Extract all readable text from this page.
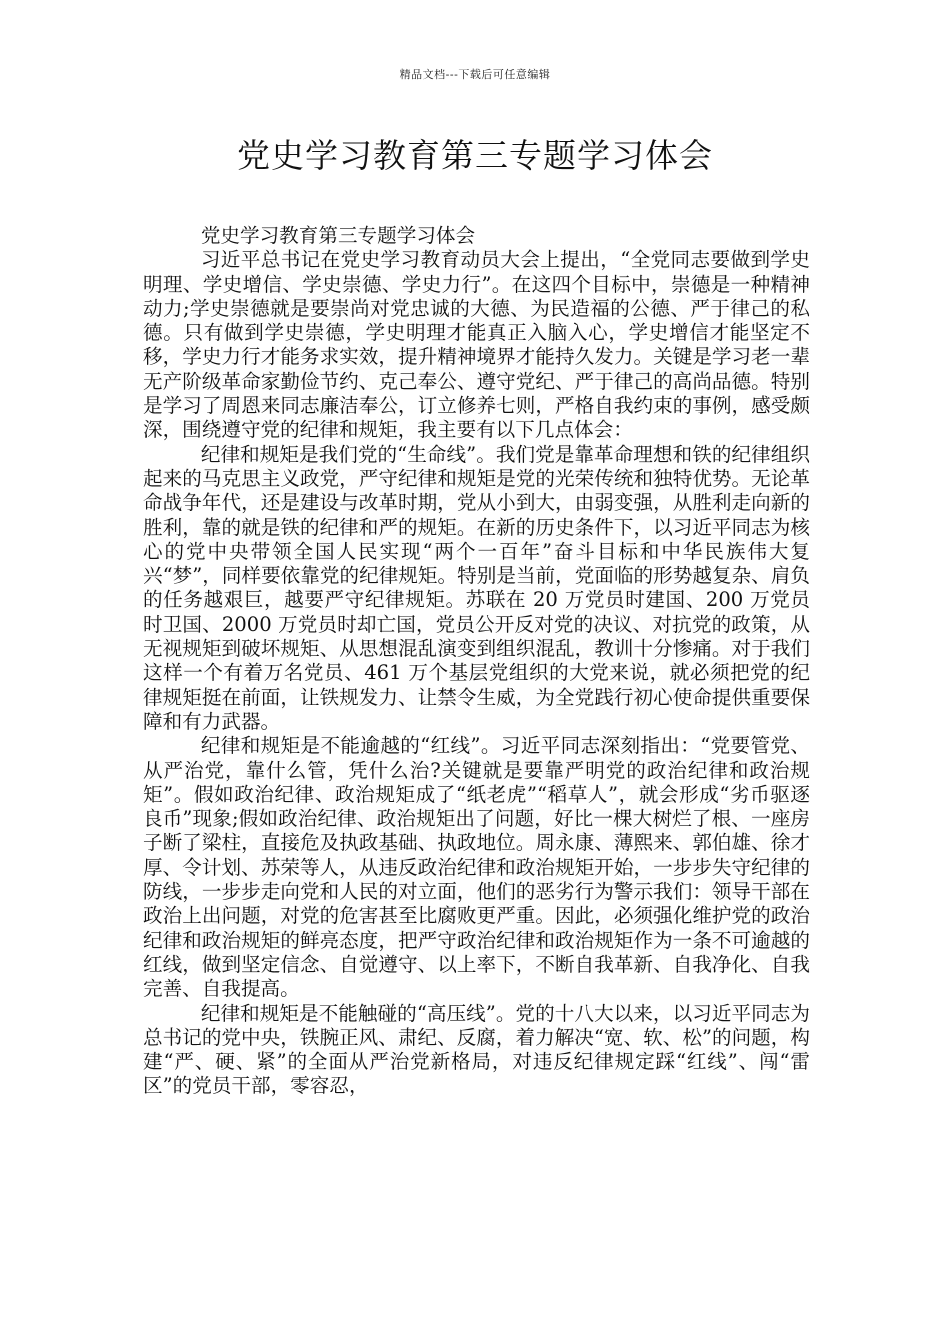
精品文档---下载后可任意编辑
党史学习教育第三专题学习体会

党史学习教育第三专题学习体会

习近平总书记在党史学习教育动员大会上提出，“全党同志要做到学史明理、学史增信、学史崇德、学史力行”。在这四个目标中，崇德是一种精神动力;学史崇德就是要崇尚对党忠诚的大德、为民造福的公德、严于律己的私德。只有做到学史崇德，学史明理才能真正入脑入心，学史增信才能坚定不移，学史力行才能务求实效，提升精神境界才能持久发力。关键是学习老一辈无产阶级革命家勤俭节约、克己奉公、遵守党纪、严于律己的高尚品德。特别是学习了周恩来同志廉洁奉公，订立修养七则，严格自我约束的事例，感受颇深，围绕遵守党的纪律和规矩，我主要有以下几点体会：

纪律和规矩是我们党的“生命线”。我们党是靠革命理想和铁的纪律组织起来的马克思主义政党，严守纪律和规矩是党的光荣传统和独特优势。无论革命战争年代，还是建设与改革时期，党从小到大，由弱变强，从胜利走向新的胜利，靠的就是铁的纪律和严的规矩。在新的历史条件下，以习近平同志为核心的党中央带领全国人民实现“两个一百年”奋斗目标和中华民族伟大复兴“梦”，同样要依靠党的纪律规矩。特别是当前，党面临的形势越复杂、肩负的任务越艰巨，越要严守纪律规矩。苏联在 20 万党员时建国、200 万党员时卫国、2000 万党员时却亡国，党员公开反对党的决议、对抗党的政策，从无视规矩到破坏规矩、从思想混乱演变到组织混乱，教训十分惨痛。对于我们这样一个有着万名党员、461 万个基层党组织的大党来说，就必须把党的纪律规矩挺在前面，让铁规发力、让禁令生威，为全党践行初心使命提供重要保障和有力武器。

纪律和规矩是不能逾越的“红线”。习近平同志深刻指出：“党要管党、从严治党，靠什么管，凭什么治?关键就是要靠严明党的政治纪律和政治规矩”。假如政治纪律、政治规矩成了“纸老虎”“稻草人”，就会形成“劣币驱逐良币”现象;假如政治纪律、政治规矩出了问题，好比一棵大树烂了根、一座房子断了梁柱，直接危及执政基础、执政地位。周永康、薄熙来、郭伯雄、徐才厚、令计划、苏荣等人，从违反政治纪律和政治规矩开始，一步步失守纪律的防线，一步步走向党和人民的对立面，他们的恶劣行为警示我们：领导干部在政治上出问题，对党的危害甚至比腐败更严重。因此，必须强化维护党的政治纪律和政治规矩的鲜亮态度，把严守政治纪律和政治规矩作为一条不可逾越的红线，做到坚定信念、自觉遵守、以上率下，不断自我革新、自我净化、自我完善、自我提高。

纪律和规矩是不能触碰的“高压线”。党的十八大以来，以习近平同志为总书记的党中央，铁腕正风、肃纪、反腐，着力解决“宽、软、松”的问题，构建“严、硬、紧”的全面从严治党新格局，对违反纪律规定踩“红线”、闯“雷区”的党员干部，零容忍，
